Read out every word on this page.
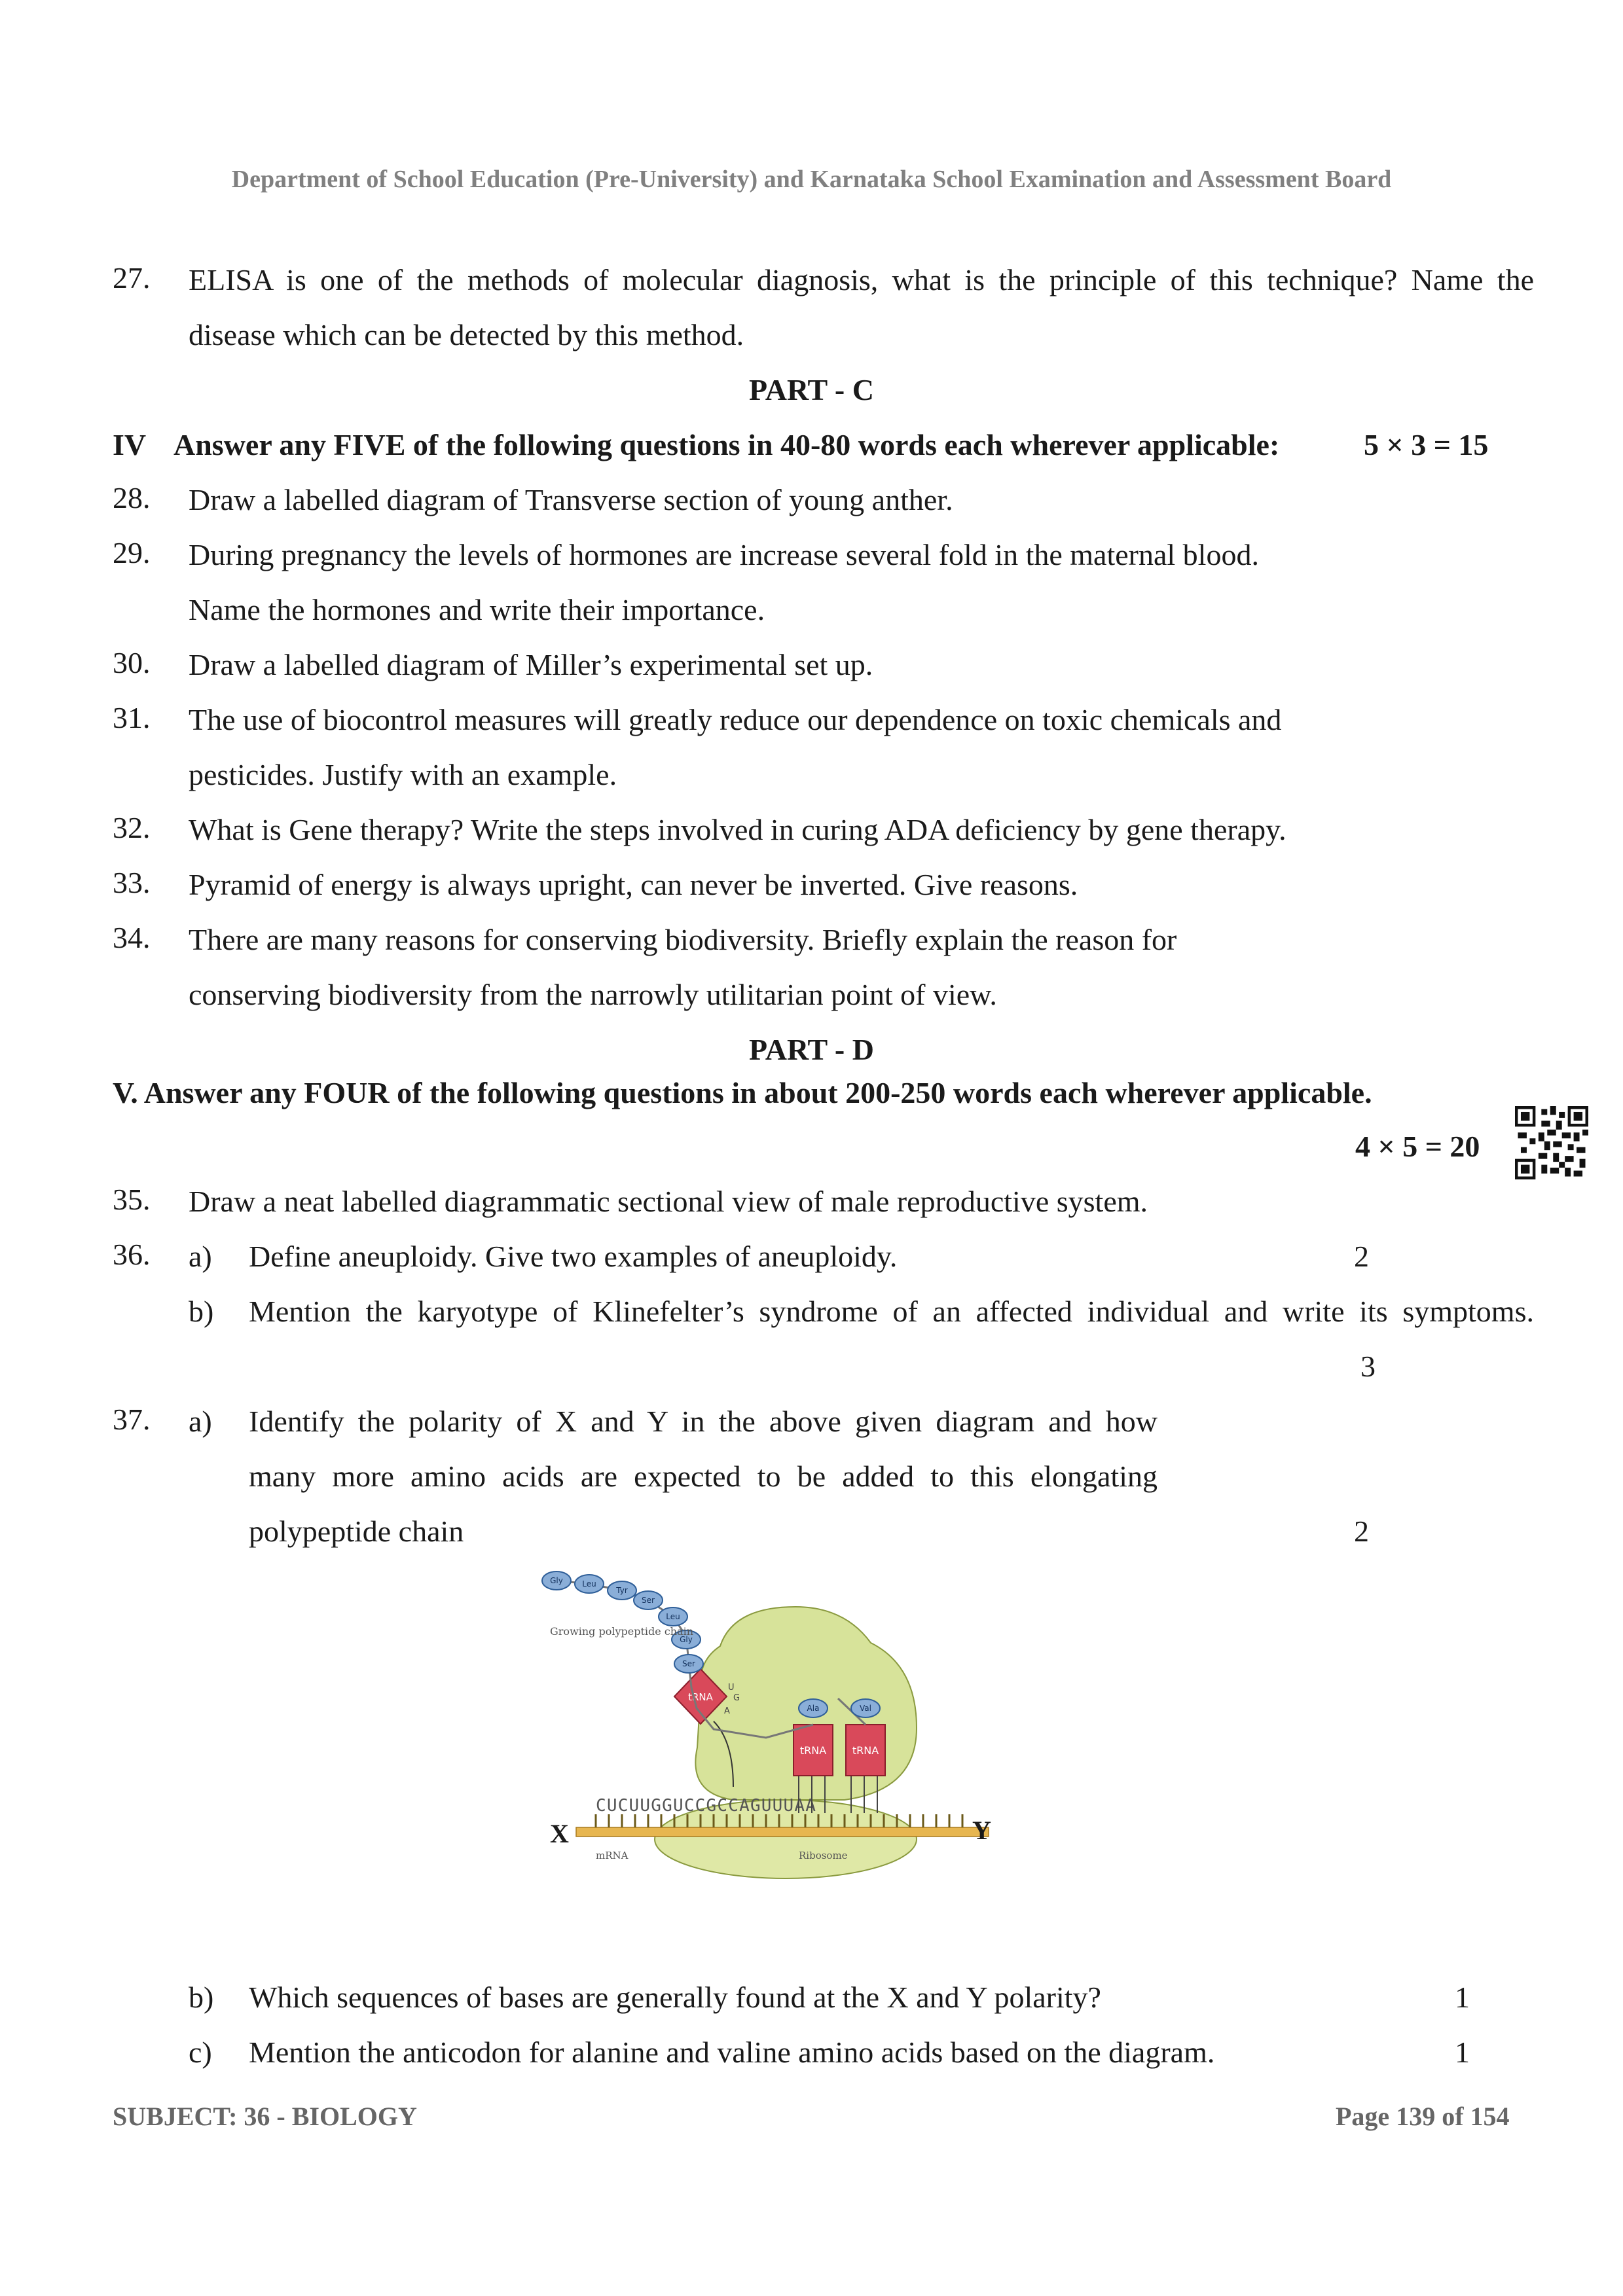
Department of School Education (Pre-University) and Karnataka School Examination and Assessment Board
27. ELISA is one of the methods of molecular diagnosis, what is the principle of this technique? Name the
disease which can be detected by this method.
PART - C
IV Answer any FIVE of the following questions in 40-80 words each wherever applicable:	5 × 3 = 15
28. Draw a labelled diagram of Transverse section of young anther.
29. During pregnancy the levels of hormones are increase several fold in the maternal blood.
Name the hormones and write their importance.
30. Draw a labelled diagram of Miller’s experimental set up.
31. The use of biocontrol measures will greatly reduce our dependence on toxic chemicals and
pesticides. Justify with an example.
32. What is Gene therapy? Write the steps involved in curing ADA deficiency by gene therapy.
33. Pyramid of energy is always upright, can never be inverted. Give reasons.
34. There are many reasons for conserving biodiversity. Briefly explain the reason for
conserving biodiversity from the narrowly utilitarian point of view.
PART - D
V. Answer any FOUR of the following questions in about 200-250 words each wherever applicable.
4 × 5 = 20
35. Draw a neat labelled diagrammatic sectional view of male reproductive system.
36. a) Define aneuploidy. Give two examples of aneuploidy.	2
b) Mention the karyotype of Klinefelter’s syndrome of an affected individual and write its symptoms.
3
37. a) Identify the polarity of X and Y in the above given diagram and how
many more amino acids are expected to be added to this elongating
polypeptide chain	2
CUCUUGGUCCGCCAGUUUAA
tRNA tRNA
tRNA
U
G
A
Gly Leu
Tyr
Ser
Leu
Gly
Ser
Ala	Val
Growing polypeptide chain
mRNA	Ribosome
X	Y
b) Which sequences of bases are generally found at the X and Y polarity?	1
c) Mention the anticodon for alanine and valine amino acids based on the diagram.	1
SUBJECT: 36 - BIOLOGY	Page 139 of 154
